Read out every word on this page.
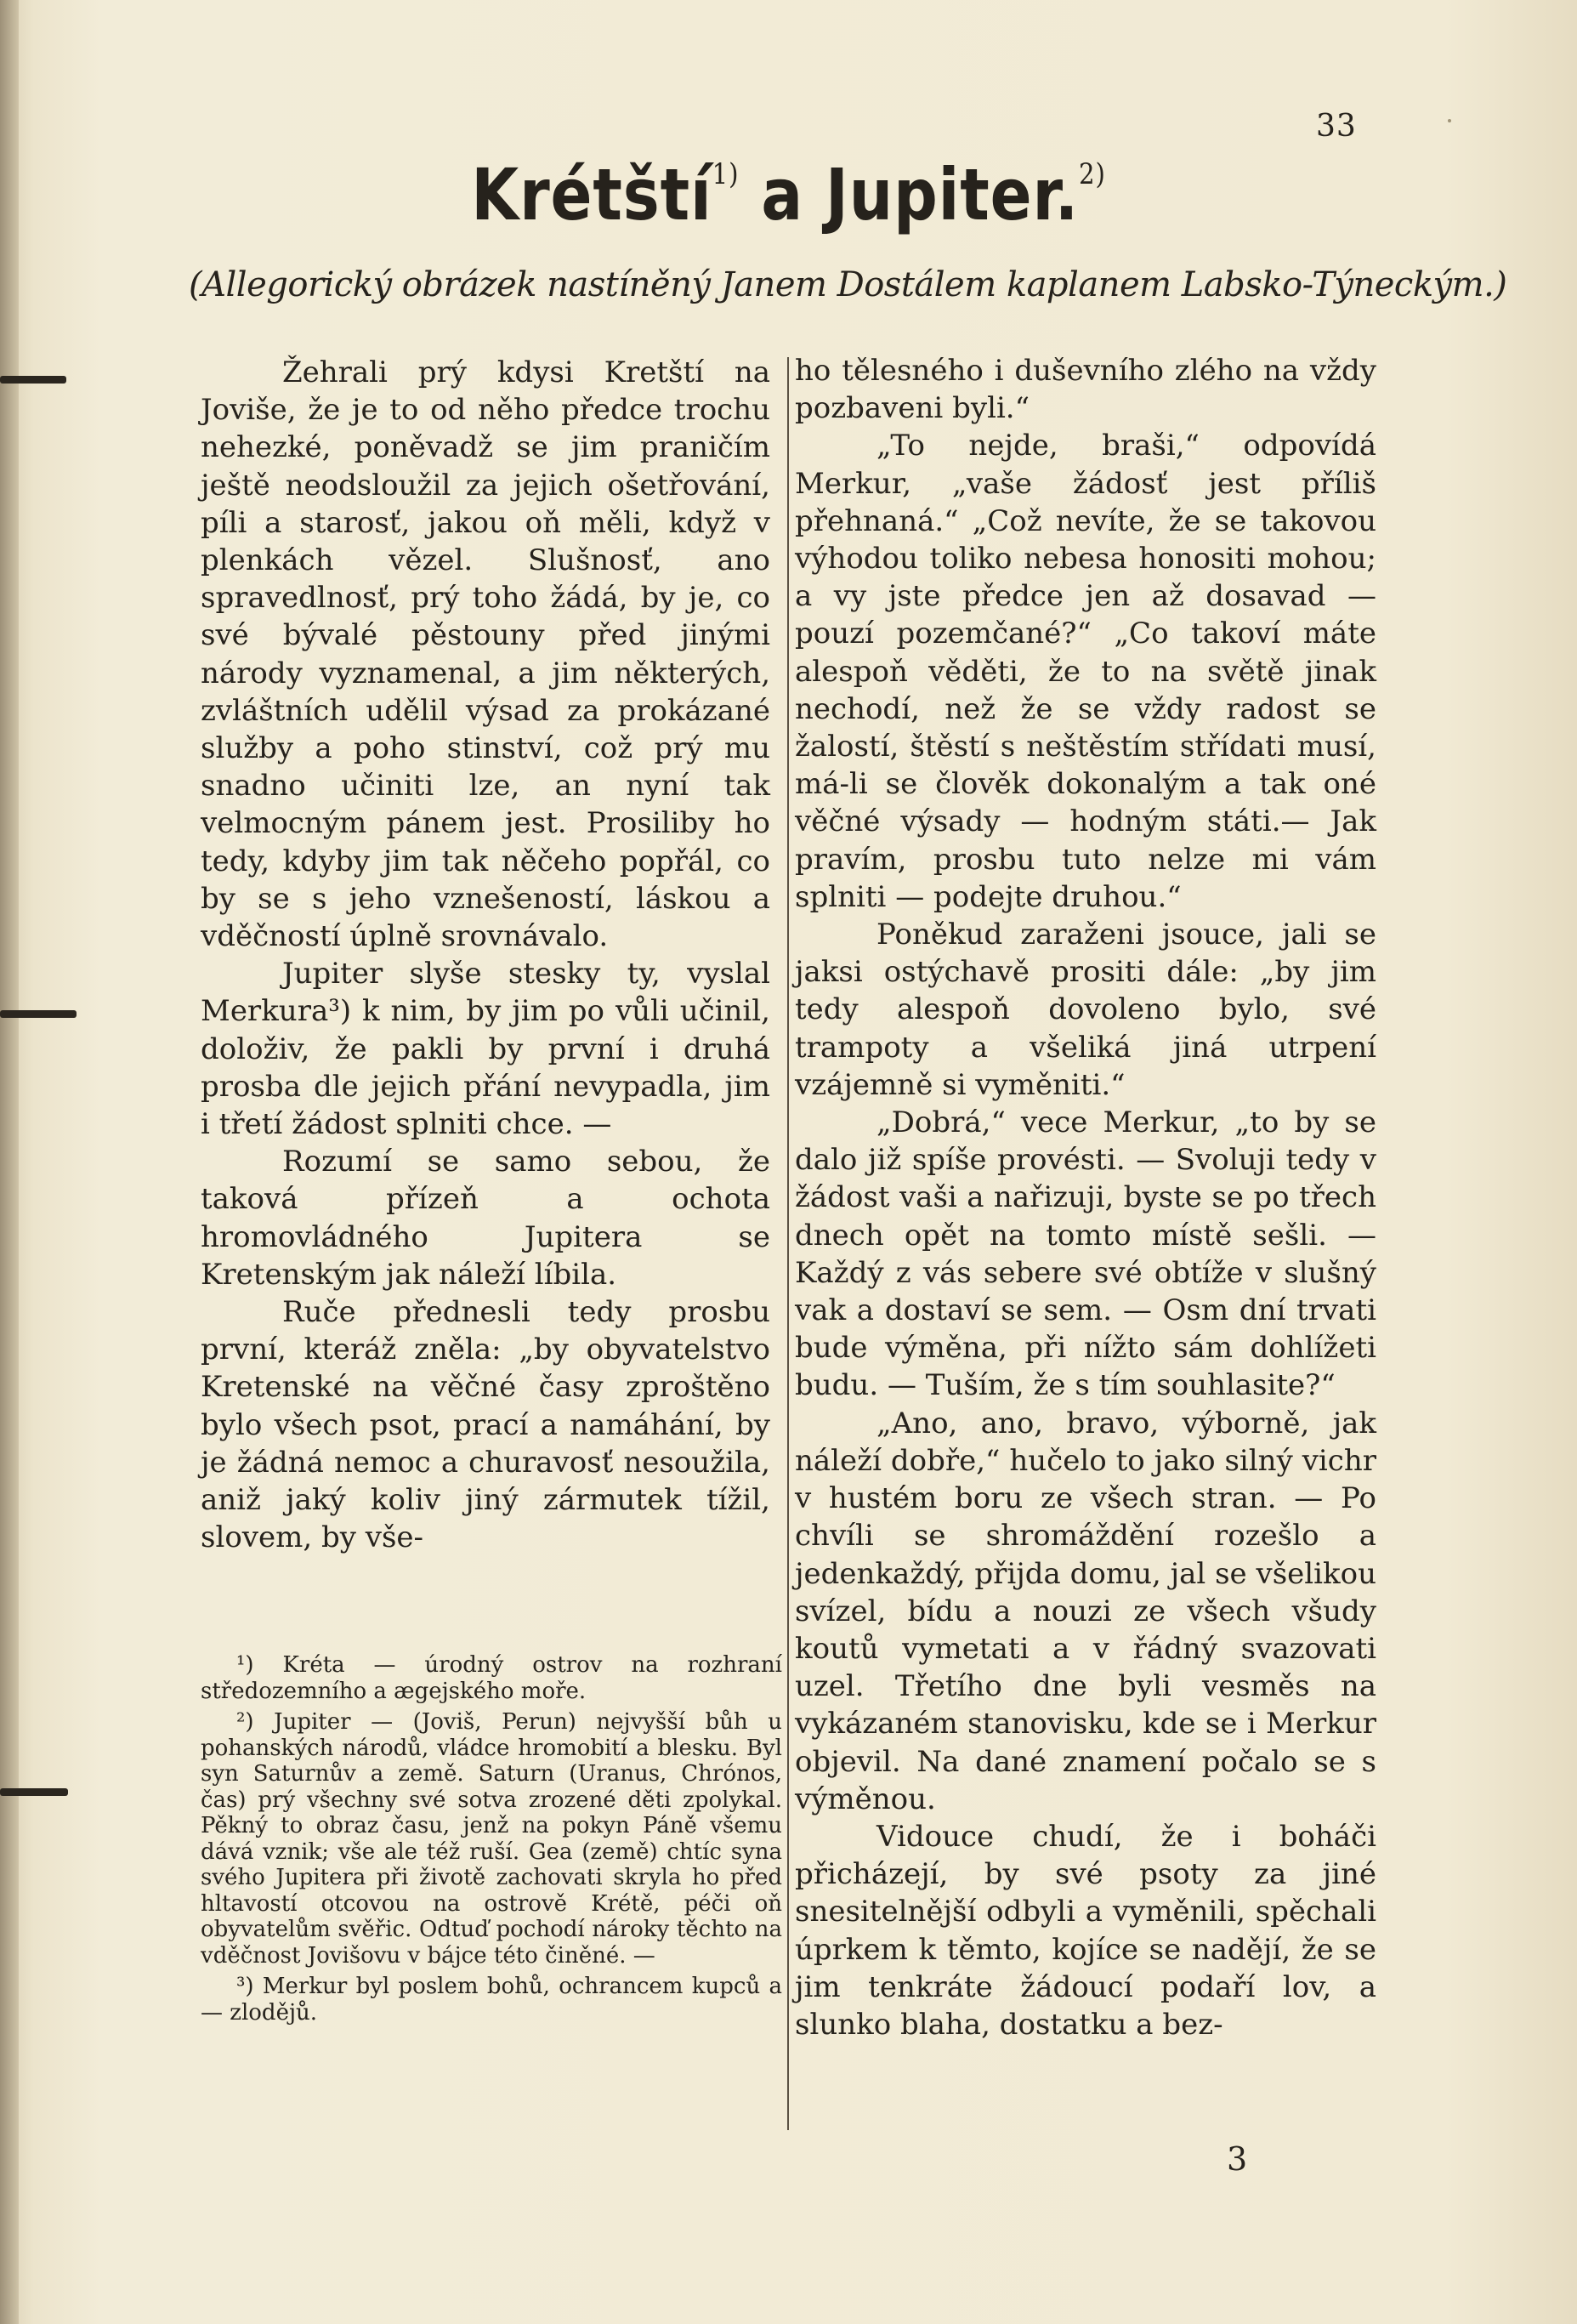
33
Krétští$^{1)}$ a Jupiter.$^{2)}$
(Allegorický obrázek nastíněný Janem Dostálem kaplanem Labsko-Týneckým.)

Žehrali prý kdysi Kretští na Joviše, že je to od něho předce trochu nehezké, poněvadž se jim praničím ještě neodsloužil za jejich ošetřování, píli a starosť, jakou oň měli, když v plenkách vězel. Slušnosť, ano spravedlnosť, prý toho žádá, by je, co své bývalé pěstouny před jinými národy vyznamenal, a jim některých, zvláštních udělil výsad za prokázané služby a poho stinství, což prý mu snadno učiniti lze, an nyní tak velmocným pánem jest. Prosiliby ho tedy, kdyby jim tak něčeho popřál, co by se s jeho vznešeností, láskou a vděčností úplně srovnávalo.

Jupiter slyše stesky ty, vyslal Merkura³) k nim, by jim po vůli učinil, doloživ, že pakli by první i druhá prosba dle jejich přání nevypadla, jim i třetí žádost splniti chce. —

Rozumí se samo sebou, že taková přízeň a ochota hromovládného Jupitera se Kretenským jak náleží líbila.

Ruče přednesli tedy prosbu první, kteráž zněla: „by obyvatelstvo Kretenské na věčné časy zproštěno bylo všech psot, prací a namáhání, by je žádná nemoc a churavosť nesoužila, aniž jaký koliv jiný zármutek tížil, slovem, by vše-

ho tělesného i duševního zlého na vždy pozbaveni byli.“

„To nejde, braši,“ odpovídá Merkur, „vaše žádosť jest příliš přehnaná.“ „Což nevíte, že se takovou výhodou toliko nebesa honositi mohou; a vy jste předce jen až dosavad — pouzí pozemčané?“ „Co takoví máte alespoň věděti, že to na světě jinak nechodí, než že se vždy radost se žalostí, štěstí s neštěstím střídati musí, má-li se člověk dokonalým a tak oné věčné výsady — hodným státi.— Jak pravím, prosbu tuto nelze mi vám splniti — podejte druhou.“

Poněkud zaraženi jsouce, jali se jaksi ostýchavě prositi dále: „by jim tedy alespoň dovoleno bylo, své trampoty a všeliká jiná utrpení vzájemně si vyměniti.“

„Dobrá,“ vece Merkur, „to by se dalo již spíše provésti. — Svoluji tedy v žádost vaši a nařizuji, byste se po třech dnech opět na tomto místě sešli. — Každý z vás sebere své obtíže v slušný vak a dostaví se sem. — Osm dní trvati bude výměna, při nížto sám dohlížeti budu. — Tuším, že s tím souhlasite?“

„Ano, ano, bravo, výborně, jak náleží dobře,“ hučelo to jako silný vichr v hustém boru ze všech stran. — Po chvíli se shromáždění rozešlo a jedenkaždý, přijda domu, jal se všelikou svízel, bídu a nouzi ze všech všudy koutů vymetati a v řádný svazovati uzel. Třetího dne byli vesměs na vykázaném stanovisku, kde se i Merkur objevil. Na dané znamení počalo se s výměnou.

Vidouce chudí, že i boháči přicházejí, by své psoty za jiné snesitelnější odbyli a vyměnili, spěchali úprkem k těmto, kojíce se nadějí, že se jim tenkráte žádoucí podaří lov, a slunko blaha, dostatku a bez-

¹) Kréta — úrodný ostrov na rozhraní středozemního a ægejského moře.

²) Jupiter — (Joviš, Perun) nejvyšší bůh u pohanských národů, vládce hromobití a blesku. Byl syn Saturnův a země. Saturn (Uranus, Chrónos, čas) prý všechny své sotva zrozené děti zpolykal. Pěkný to obraz času, jenž na pokyn Páně všemu dává vznik; vše ale též ruší. Gea (země) chtíc syna svého Jupitera při životě zachovati skryla ho před hltavostí otcovou na ostrově Krétě, péči oň obyvatelům svěřic. Odtuď pochodí nároky těchto na vděčnost Jovišovu v bájce této činěné. —

³) Merkur byl poslem bohů, ochrancem kupců a — zlodějů.

3
